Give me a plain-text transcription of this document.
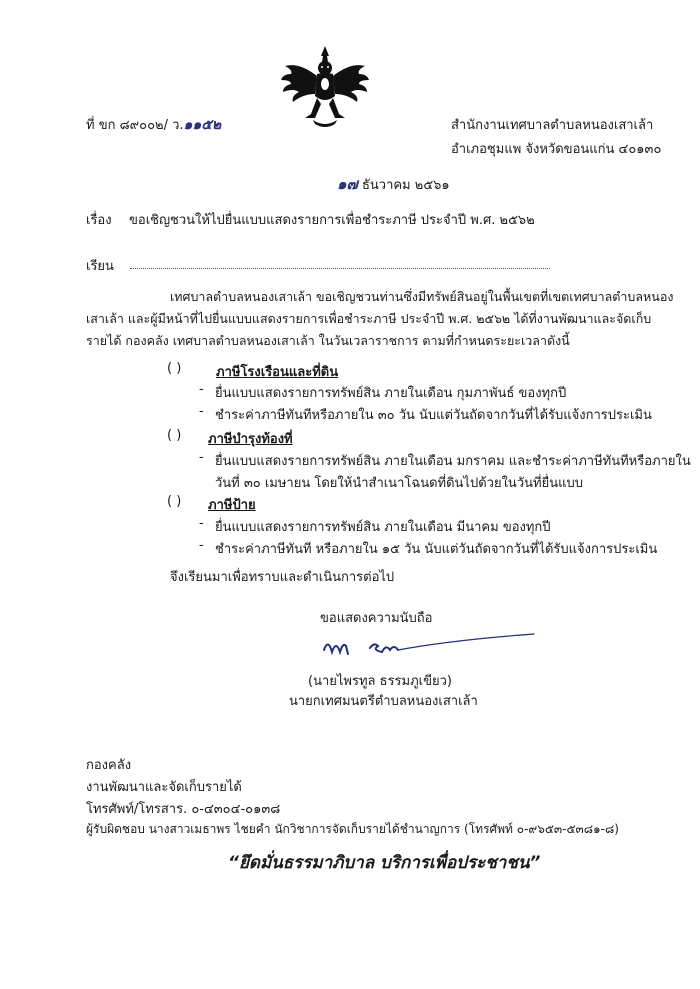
ที่ ขก ๘๙๐๐๒/ ว.๑๑๕๒	สำนักงานเทศบาลตำบลหนองเสาเล้า
อำเภอชุมแพ จังหวัดขอนแก่น ๔๐๑๓๐
๑๗ ธันวาคม ๒๕๖๑
เรื่อง ขอเชิญชวนให้ไปยื่นแบบแสดงรายการเพื่อชำระภาษี ประจำปี พ.ศ. ๒๕๖๒
เรียน
เทศบาลตำบลหนองเสาเล้า ขอเชิญชวนท่านซึ่งมีทรัพย์สินอยู่ในพื้นเขตที่เขตเทศบาลตำบลหนอง
เสาเล้า และผู้มีหน้าที่ไปยื่นแบบแสดงรายการเพื่อชำระภาษี ประจำปี พ.ศ. ๒๕๖๒ ได้ที่งานพัฒนาและจัดเก็บ
รายได้ กองคลัง เทศบาลตำบลหนองเสาเล้า ในวันเวลาราชการ ตามที่กำหนดระยะเวลาดังนี้
( )	ภาษีโรงเรือนและที่ดิน
- ยื่นแบบแสดงรายการทรัพย์สิน ภายในเดือน กุมภาพันธ์ ของทุกปี
- ชำระค่าภาษีทันทีหรือภายใน ๓๐ วัน นับแต่วันถัดจากวันที่ได้รับแจ้งการประเมิน
( ) ภาษีบำรุงท้องที่
- ยื่นแบบแสดงรายการทรัพย์สิน ภายในเดือน มกราคม และชำระค่าภาษีทันทีหรือภายใน
วันที่ ๓๐ เมษายน โดยให้นำสำเนาโฉนดที่ดินไปด้วยในวันที่ยื่นแบบ
( ) ภาษีป้าย
- ยื่นแบบแสดงรายการทรัพย์สิน ภายในเดือน มีนาคม ของทุกปี
- ชำระค่าภาษีทันที หรือภายใน ๑๕ วัน นับแต่วันถัดจากวันที่ได้รับแจ้งการประเมิน
จึงเรียนมาเพื่อทราบและดำเนินการต่อไป
ขอแสดงความนับถือ
(นายไพรทูล ธรรมภูเขียว)
นายกเทศมนตรีตำบลหนองเสาเล้า
กองคลัง
งานพัฒนาและจัดเก็บรายได้
โทรศัพท์/โทรสาร. ๐-๔๓๐๔-๐๑๓๘
ผู้รับผิดชอบ นางสาวเมธาพร ไชยคำ นักวิชาการจัดเก็บรายได้ชำนาญการ (โทรศัพท์ ๐-๙๖๕๓-๕๓๘๑-๘)
“ยึดมั่นธรรมาภิบาล บริการเพื่อประชาชน”
